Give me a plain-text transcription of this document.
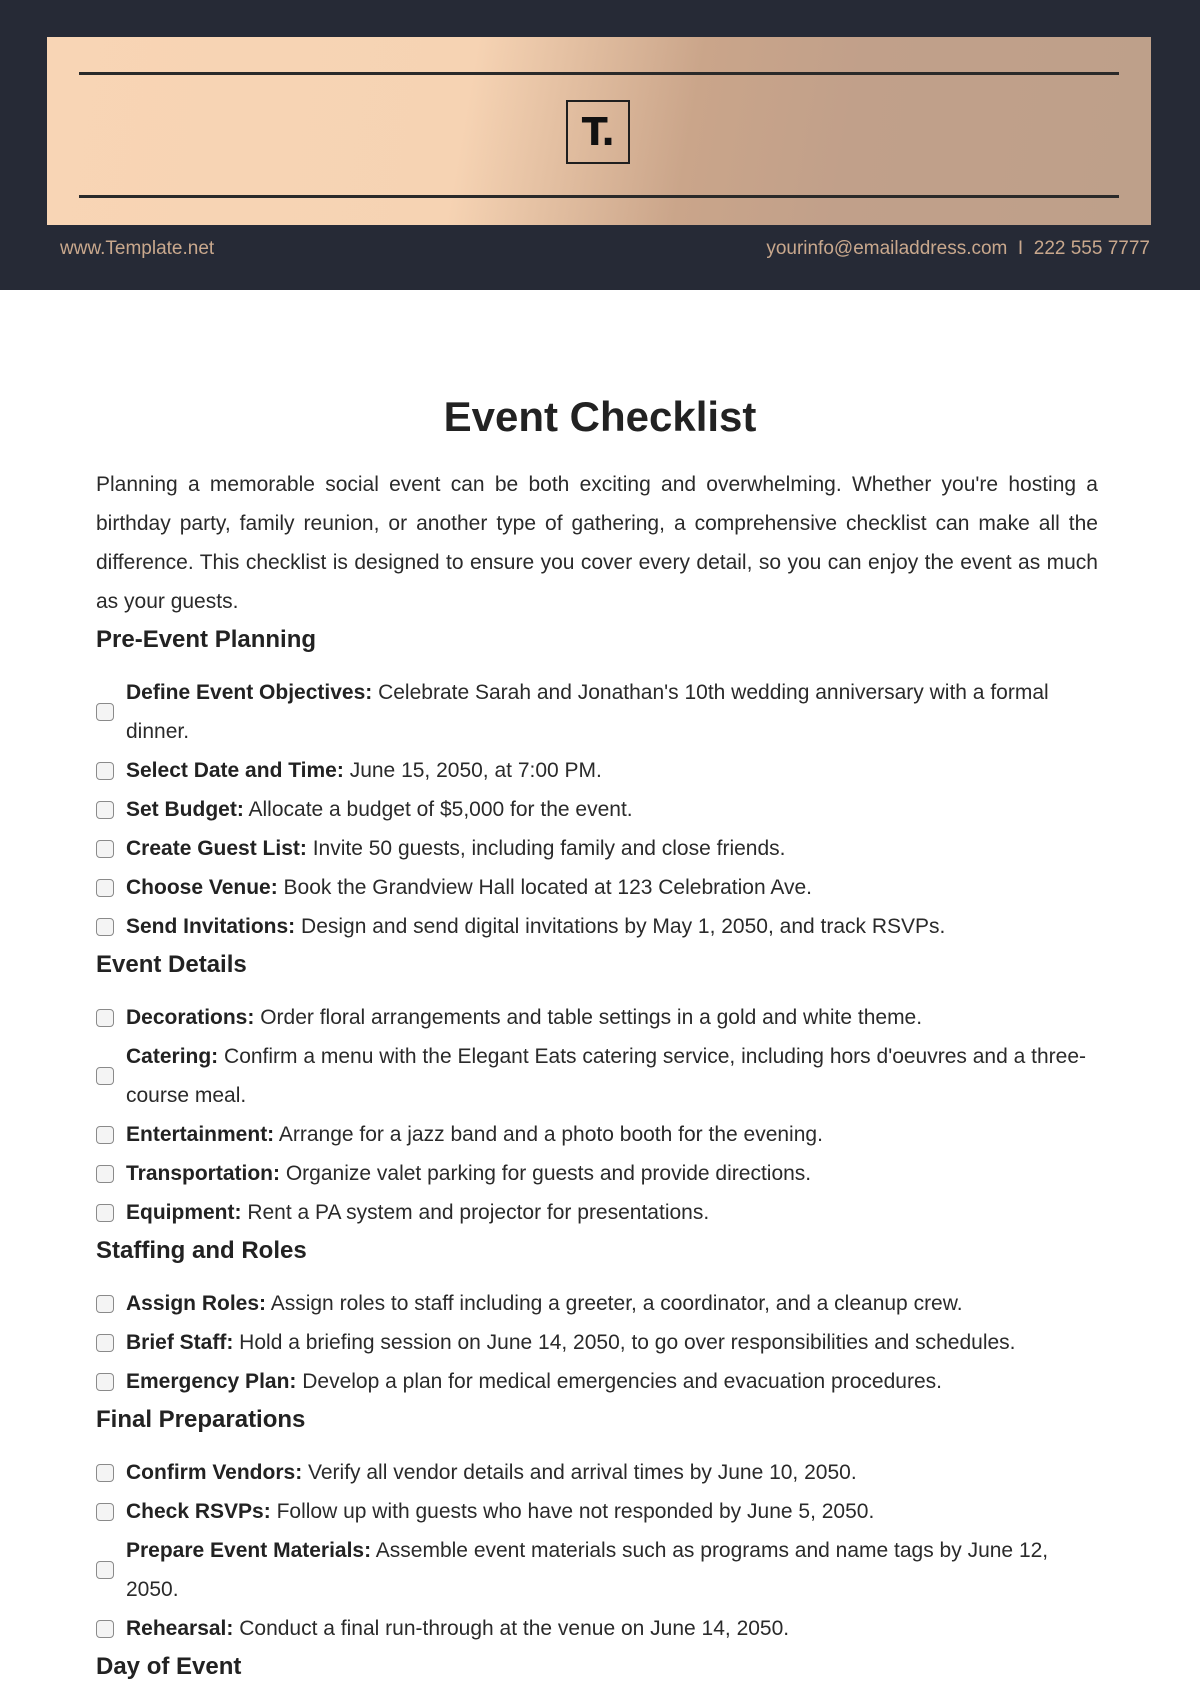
T.
www.Template.net	yourinfo@emailaddress.com  I  222 555 7777
Event Checklist

Planning a memorable social event can be both exciting and overwhelming. Whether you're hosting a birthday party, family reunion, or another type of gathering, a comprehensive checklist can make all the difference. This checklist is designed to ensure you cover every detail, so you can enjoy the event as much as your guests.

Pre-Event Planning
Define Event Objectives: Celebrate Sarah and Jonathan's 10th wedding anniversary with a formal dinner.
Select Date and Time: June 15, 2050, at 7:00 PM.
Set Budget: Allocate a budget of $5,000 for the event.
Create Guest List: Invite 50 guests, including family and close friends.
Choose Venue: Book the Grandview Hall located at 123 Celebration Ave.
Send Invitations: Design and send digital invitations by May 1, 2050, and track RSVPs.
Event Details
Decorations: Order floral arrangements and table settings in a gold and white theme.
Catering: Confirm a menu with the Elegant Eats catering service, including hors d'oeuvres and a three-course meal.
Entertainment: Arrange for a jazz band and a photo booth for the evening.
Transportation: Organize valet parking for guests and provide directions.
Equipment: Rent a PA system and projector for presentations.
Staffing and Roles
Assign Roles: Assign roles to staff including a greeter, a coordinator, and a cleanup crew.
Brief Staff: Hold a briefing session on June 14, 2050, to go over responsibilities and schedules.
Emergency Plan: Develop a plan for medical emergencies and evacuation procedures.
Final Preparations
Confirm Vendors: Verify all vendor details and arrival times by June 10, 2050.
Check RSVPs: Follow up with guests who have not responded by June 5, 2050.
Prepare Event Materials: Assemble event materials such as programs and name tags by June 12, 2050.
Rehearsal: Conduct a final run-through at the venue on June 14, 2050.
Day of Event
